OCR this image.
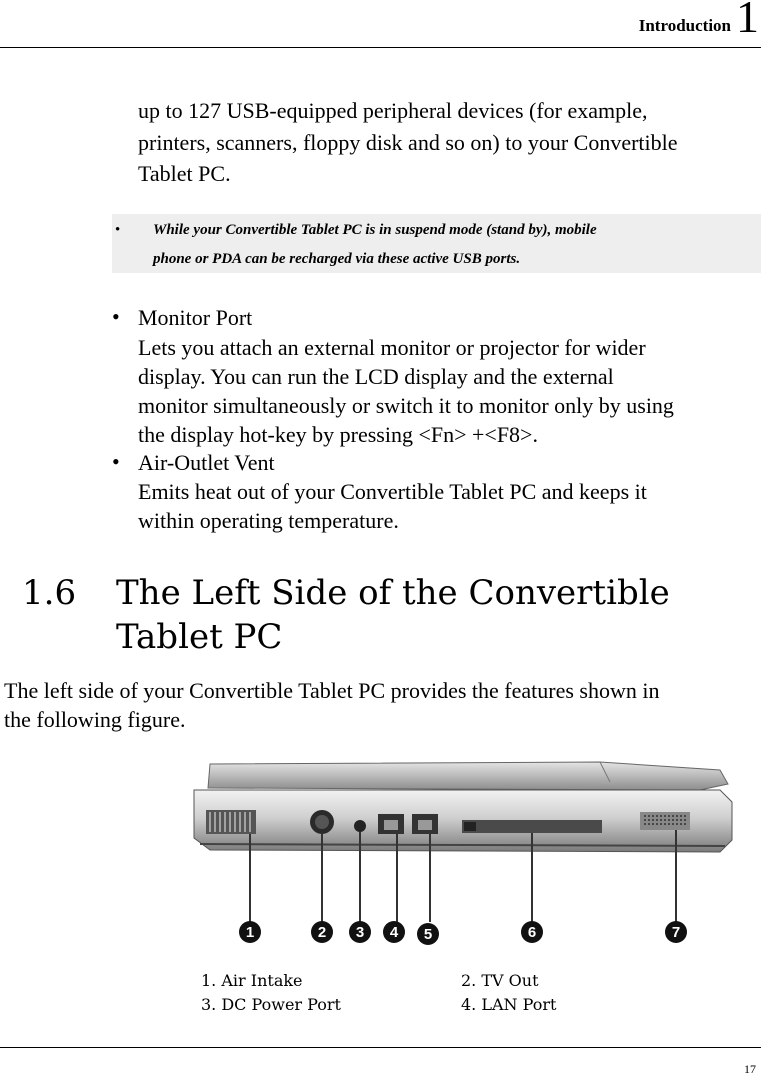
Introduction 1
up to 127 USB-equipped peripheral devices (for example,
printers, scanners, floppy disk and so on) to your Convertible
Tablet PC.
• While your Convertible Tablet PC is in suspend mode (stand by), mobile
phone or PDA can be recharged via these active USB ports.
• Monitor Port
Lets you attach an external monitor or projector for wider
display. You can run the LCD display and the external
monitor simultaneously or switch it to monitor only by using
the display hot-key by pressing <Fn> +<F8>.
• Air-Outlet Vent
Emits heat out of your Convertible Tablet PC and keeps it
within operating temperature.
1.6 The Left Side of the Convertible
Tablet PC
The left side of your Convertible Tablet PC provides the features shown in
the following figure.
1	2 3 4 5	6	7
1. Air Intake	2. TV Out
3. DC Power Port	4. LAN Port
17
